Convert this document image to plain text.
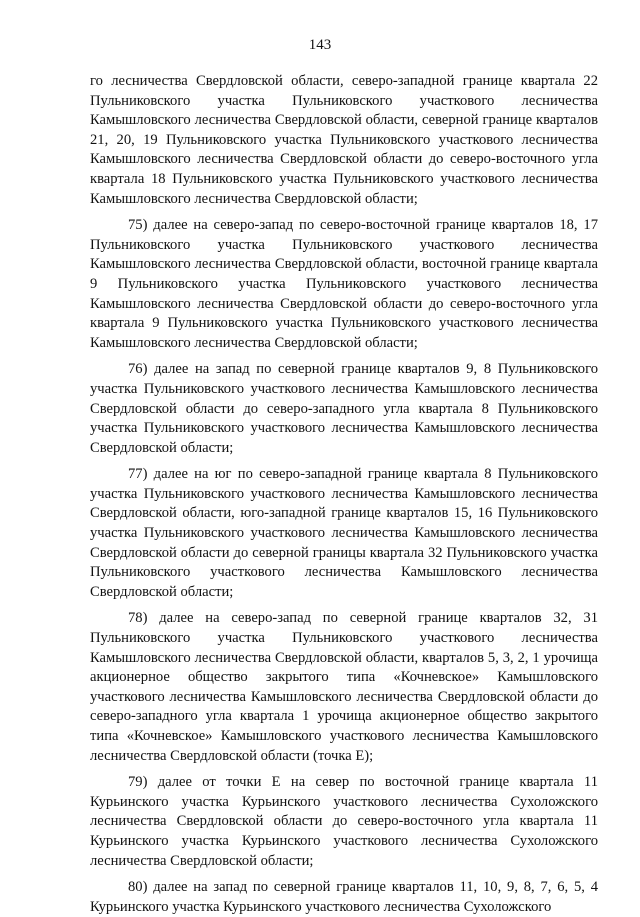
143

го лесничества Свердловской области, северо-западной границе квартала 22 Пульниковского участка Пульниковского участкового лесничества Камышловского лесничества Свердловской области, северной границе кварталов 21, 20, 19 Пульниковского участка Пульниковского участкового лесничества Камышловского лесничества Свердловской области до северо-восточного угла квартала 18 Пульниковского участка Пульниковского участкового лесничества Камышловского лесничества Свердловской области;

75) далее на северо-запад по северо-восточной границе кварталов 18, 17 Пульниковского участка Пульниковского участкового лесничества Камышловского лесничества Свердловской области, восточной границе квартала 9 Пульниковского участка Пульниковского участкового лесничества Камышловского лесничества Свердловской области до северо-восточного угла квартала 9 Пульниковского участка Пульниковского участкового лесничества Камышловского лесничества Свердловской области;

76) далее на запад по северной границе кварталов 9, 8 Пульниковского участка Пульниковского участкового лесничества Камышловского лесничества Свердловской области до северо-западного угла квартала 8 Пульниковского участка Пульниковского участкового лесничества Камышловского лесничества Свердловской области;

77) далее на юг по северо-западной границе квартала 8 Пульниковского участка Пульниковского участкового лесничества Камышловского лесничества Свердловской области, юго-западной границе кварталов 15, 16 Пульниковского участка Пульниковского участкового лесничества Камышловского лесничества Свердловской области до северной границы квартала 32 Пульниковского участка Пульниковского участкового лесничества Камышловского лесничества Свердловской области;

78) далее на северо-запад по северной границе кварталов 32, 31 Пульниковского участка Пульниковского участкового лесничества Камышловского лесничества Свердловской области, кварталов 5, 3, 2, 1 урочища акционерное общество закрытого типа «Кочневское» Камышловского участкового лесничества Камышловского лесничества Свердловской области до северо-западного угла квартала 1 урочища акционерное общество закрытого типа «Кочневское» Камышловского участкового лесничества Камышловского лесничества Свердловской области (точка Е);

79) далее от точки Е на север по восточной границе квартала 11 Курьинского участка Курьинского участкового лесничества Сухоложского лесничества Свердловской области до северо-восточного угла квартала 11 Курьинского участка Курьинского участкового лесничества Сухоложского лесничества Свердловской области;

80) далее на запад по северной границе кварталов 11, 10, 9, 8, 7, 6, 5, 4 Курьинского участка Курьинского участкового лесничества Сухоложского
